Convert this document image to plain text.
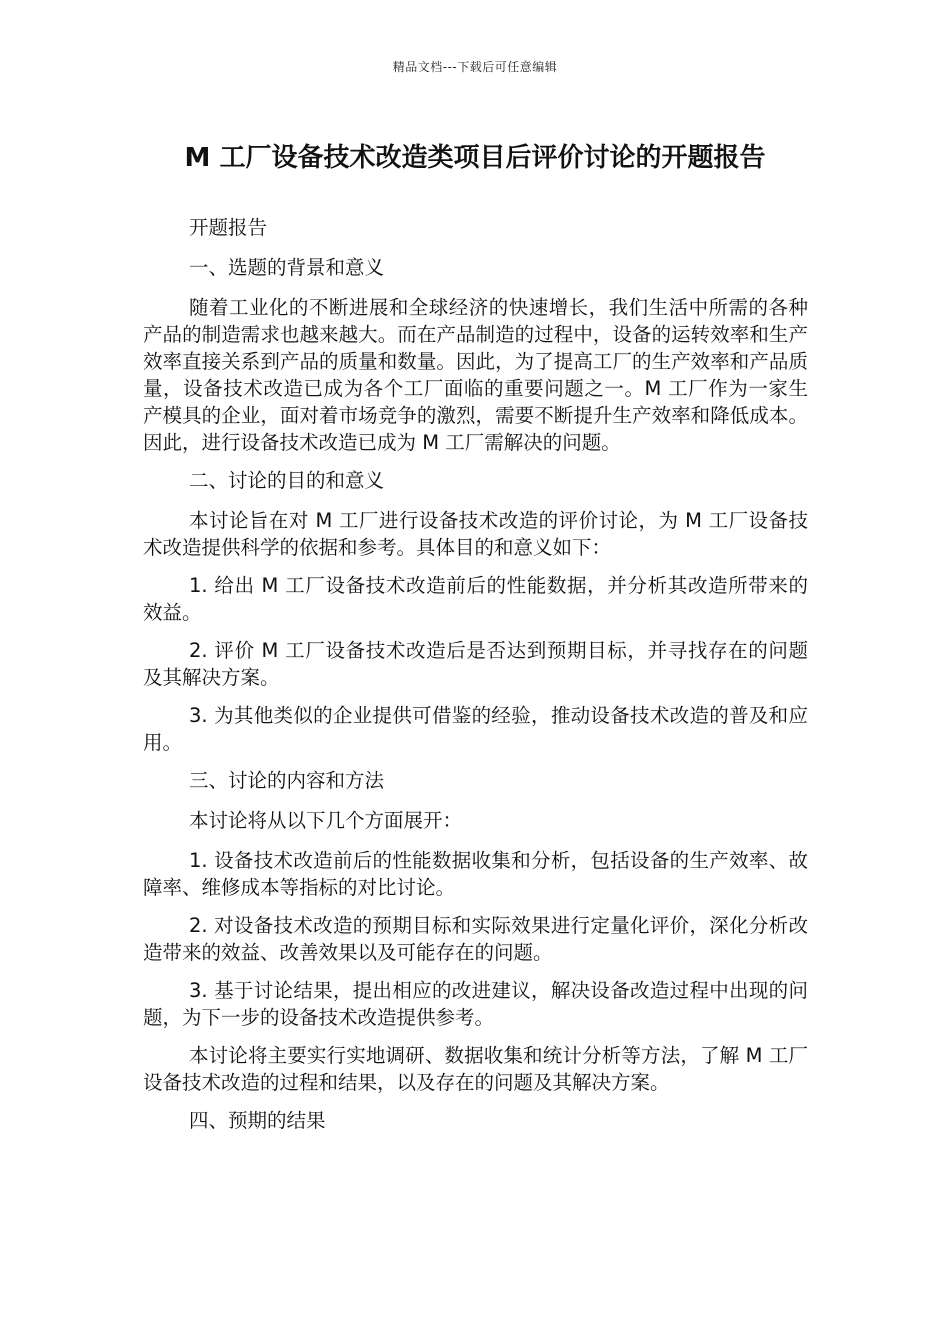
精品文档---下载后可任意编辑
M 工厂设备技术改造类项目后评价讨论的开题报告

开题报告

一、选题的背景和意义

随着工业化的不断进展和全球经济的快速增长，我们生活中所需的各种产品的制造需求也越来越大。而在产品制造的过程中，设备的运转效率和生产效率直接关系到产品的质量和数量。因此，为了提高工厂的生产效率和产品质量，设备技术改造已成为各个工厂面临的重要问题之一。M 工厂作为一家生产模具的企业，面对着市场竞争的激烈，需要不断提升生产效率和降低成本。因此，进行设备技术改造已成为 M 工厂需解决的问题。

二、讨论的目的和意义

本讨论旨在对 M 工厂进行设备技术改造的评价讨论，为 M 工厂设备技术改造提供科学的依据和参考。具体目的和意义如下：

1. 给出 M 工厂设备技术改造前后的性能数据，并分析其改造所带来的效益。

2. 评价 M 工厂设备技术改造后是否达到预期目标，并寻找存在的问题及其解决方案。

3. 为其他类似的企业提供可借鉴的经验，推动设备技术改造的普及和应用。

三、讨论的内容和方法

本讨论将从以下几个方面展开：

1. 设备技术改造前后的性能数据收集和分析，包括设备的生产效率、故障率、维修成本等指标的对比讨论。

2. 对设备技术改造的预期目标和实际效果进行定量化评价，深化分析改造带来的效益、改善效果以及可能存在的问题。

3. 基于讨论结果，提出相应的改进建议，解决设备改造过程中出现的问题，为下一步的设备技术改造提供参考。

本讨论将主要实行实地调研、数据收集和统计分析等方法，了解 M 工厂设备技术改造的过程和结果，以及存在的问题及其解决方案。

四、预期的结果
